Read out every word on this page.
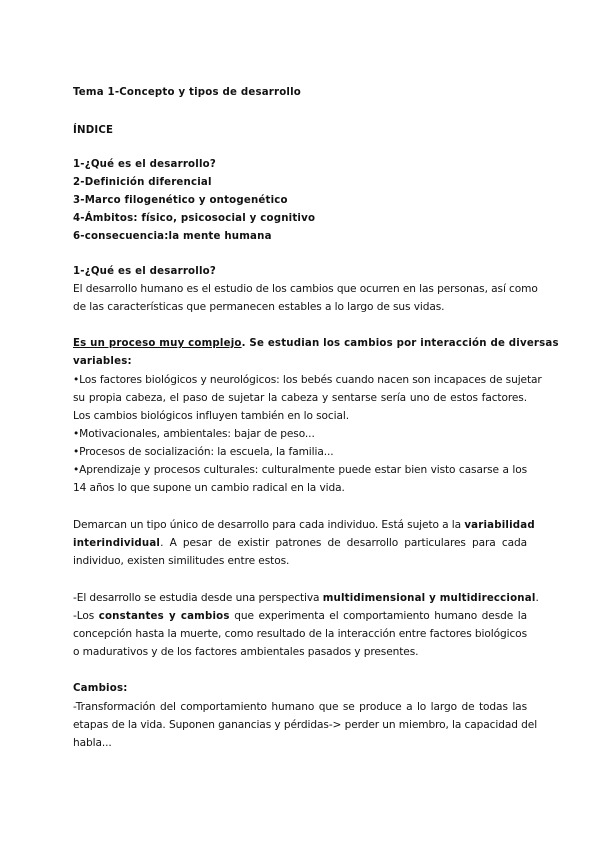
Tema 1-Concepto y tipos de desarrollo
ÍNDICE
1-¿Qué es el desarrollo?
2-Definición diferencial
3-Marco filogenético y ontogenético
4-Ámbitos: físico, psicosocial y cognitivo
6-consecuencia:la mente humana
1-¿Qué es el desarrollo?
El desarrollo humano es el estudio de los cambios que ocurren en las personas, así como
de las características que permanecen estables a lo largo de sus vidas.
Es un proceso muy complejo. Se estudian los cambios por interacción de diversas
variables:
•Los factores biológicos y neurológicos: los bebés cuando nacen son incapaces de sujetar
su propia cabeza, el paso de sujetar la cabeza y sentarse sería uno de estos factores.
Los cambios biológicos influyen también en lo social.
•Motivacionales, ambientales: bajar de peso...
•Procesos de socialización: la escuela, la familia...
•Aprendizaje y procesos culturales: culturalmente puede estar bien visto casarse a los
14 años lo que supone un cambio radical en la vida.
Demarcan un tipo único de desarrollo para cada individuo. Está sujeto a la variabilidad
interindividual. A pesar de existir patrones de desarrollo particulares para cada
individuo, existen similitudes entre estos.
-El desarrollo se estudia desde una perspectiva multidimensional y multidireccional.
-Los constantes y cambios que experimenta el comportamiento humano desde la
concepción hasta la muerte, como resultado de la interacción entre factores biológicos
o madurativos y de los factores ambientales pasados y presentes.
Cambios:
-Transformación del comportamiento humano que se produce a lo largo de todas las
etapas de la vida. Suponen ganancias y pérdidas-> perder un miembro, la capacidad del
habla...
